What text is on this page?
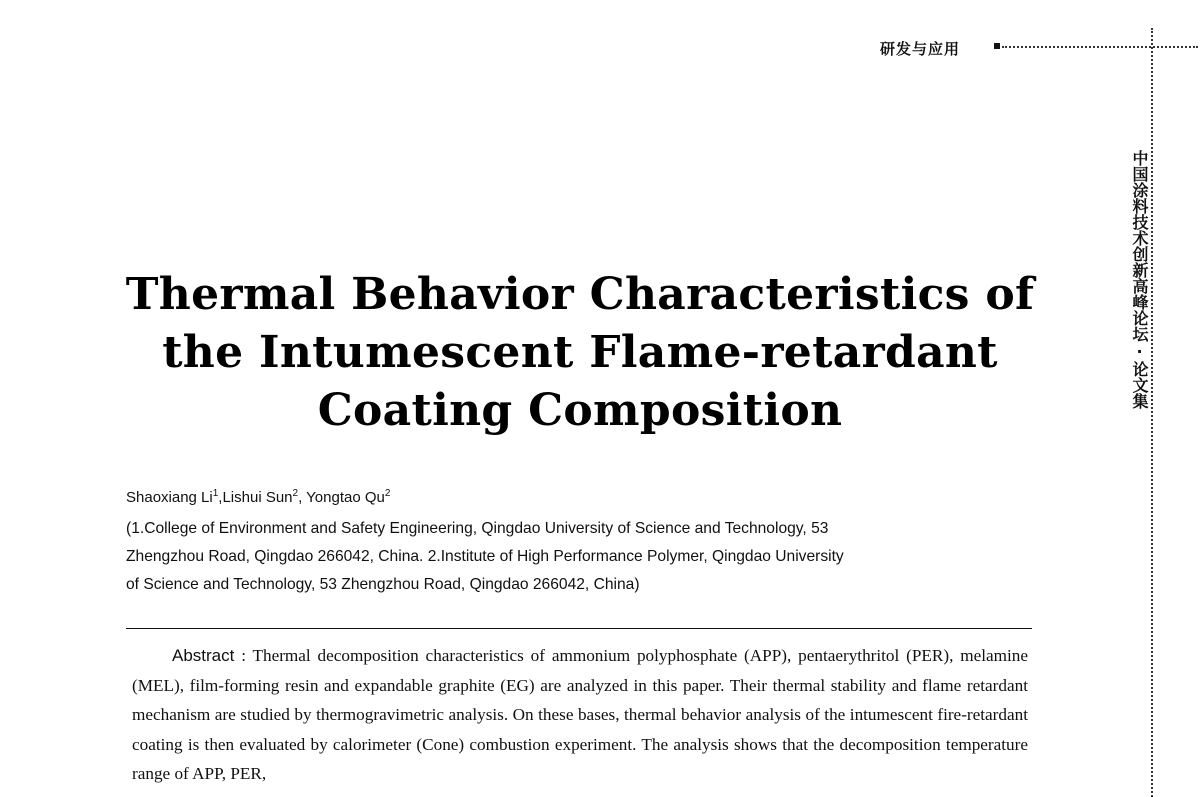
研发与应用
中国涂料技术创新高峰论坛·论文集
Thermal Behavior Characteristics of
the Intumescent Flame-retardant
Coating Composition
Shaoxiang Li$^1$,Lishui Sun$^2$, Yongtao Qu$^2$
(1.College of Environment and Safety Engineering, Qingdao University of Science and Technology, 53
Zhengzhou Road, Qingdao 266042, China. 2.Institute of High Performance Polymer, Qingdao University
of Science and Technology, 53 Zhengzhou Road, Qingdao 266042, China)

Abstract : Thermal decomposition characteristics of ammonium polyphosphate (APP), pentaerythritol (PER), melamine (MEL), film-forming resin and expandable graphite (EG) are analyzed in this paper. Their thermal stability and flame retardant mechanism are studied by thermogravimetric analysis. On these bases, thermal behavior analysis of the intumescent fire-retardant coating is then evaluated by calorimeter (Cone) combustion experiment. The analysis shows that the decomposition temperature range of APP, PER,
